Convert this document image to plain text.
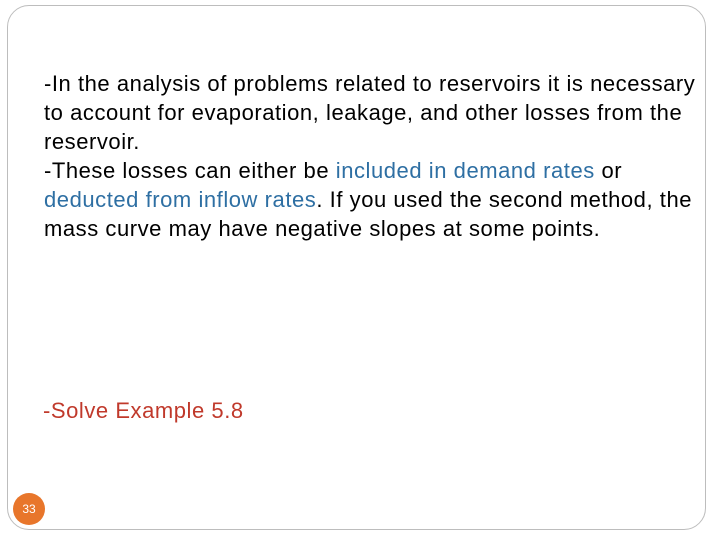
-In the analysis of problems related to reservoirs it is necessary to account for evaporation, leakage, and other losses from the reservoir.

-These losses can either be included in demand rates or deducted from inflow rates. If you used the second method, the mass curve may have negative slopes at some points.

-Solve Example 5.8
33
